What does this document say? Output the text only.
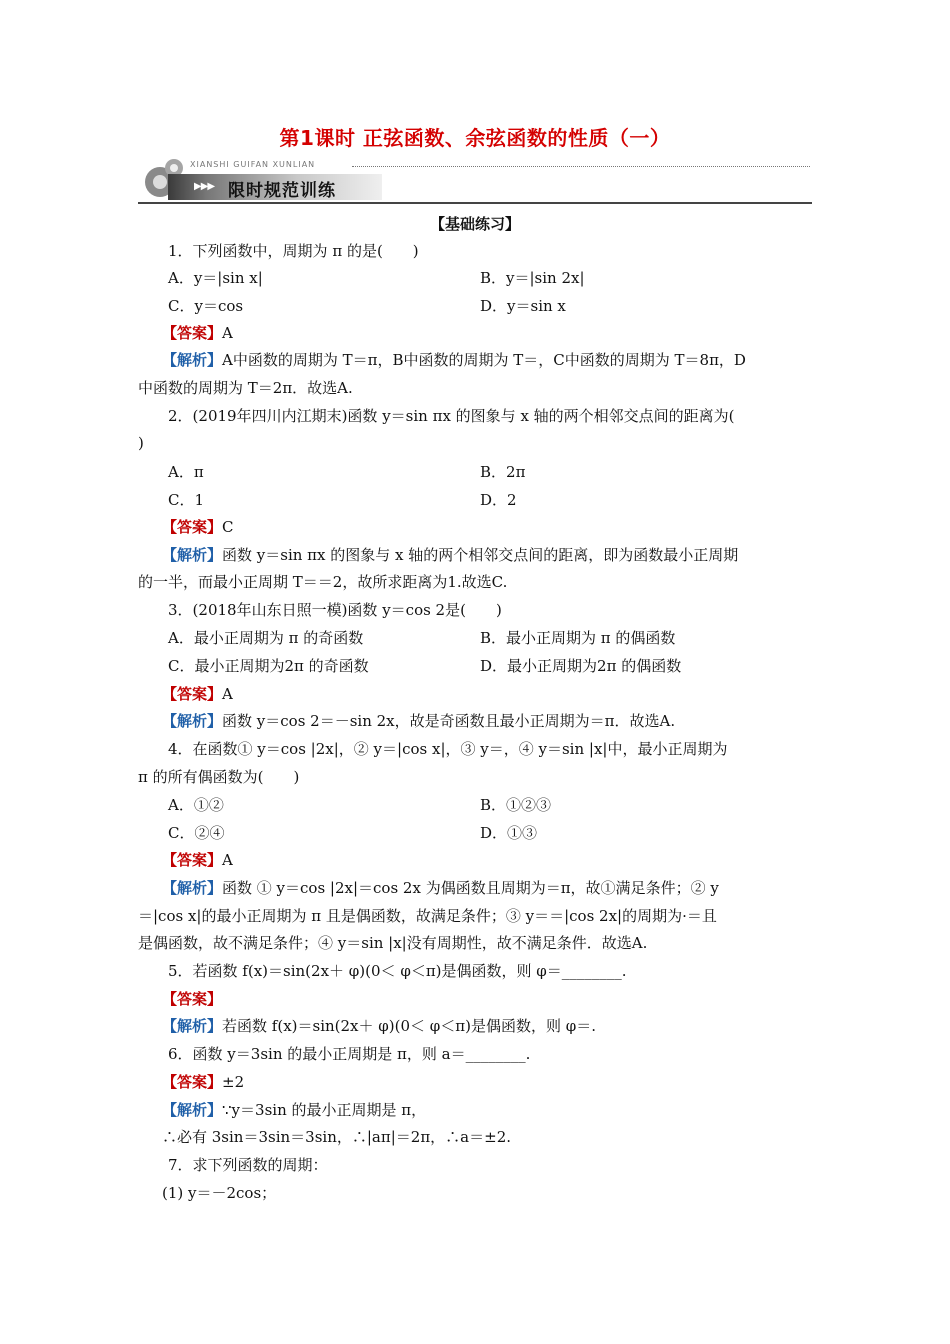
第1课时 正弦函数、余弦函数的性质（一）
XIANSHI GUIFAN XUNLIAN
▶▶▶ 限时规范训练
【基础练习】
1．下列函数中，周期为 π 的是(　　)
A．y＝|sin x|	B．y＝|sin 2x|
C．y＝cos	D．y＝sin x
【答案】A
【解析】A中函数的周期为 T＝π，B中函数的周期为 T＝，C中函数的周期为 T＝8π，D
中函数的周期为 T＝2π．故选A.
2．(2019年四川内江期末)函数 y＝sin πx 的图象与 x 轴的两个相邻交点间的距离为(
)
A．π	B．2π
C．1	D．2
【答案】C
【解析】函数 y＝sin πx 的图象与 x 轴的两个相邻交点间的距离，即为函数最小正周期
的一半，而最小正周期 T＝＝2，故所求距离为1.故选C.
3．(2018年山东日照一模)函数 y＝cos 2是(　　)
A．最小正周期为 π 的奇函数	B．最小正周期为 π 的偶函数
C．最小正周期为2π 的奇函数	D．最小正周期为2π 的偶函数
【答案】A
【解析】函数 y＝cos 2＝－sin 2x，故是奇函数且最小正周期为＝π．故选A.
4．在函数① y＝cos |2x|，② y＝|cos x|，③ y＝，④ y＝sin |x|中，最小正周期为
π 的所有偶函数为(　　)
A．①②	B．①②③
C．②④	D．①③
【答案】A
【解析】函数 ① y＝cos |2x|＝cos 2x 为偶函数且周期为＝π，故①满足条件；② y
＝|cos x|的最小正周期为 π 且是偶函数，故满足条件；③ y＝＝|cos 2x|的周期为·＝且
是偶函数，故不满足条件；④ y＝sin |x|没有周期性，故不满足条件．故选A.
5．若函数 f(x)＝sin(2x＋ φ)(0＜ φ＜π)是偶函数，则 φ＝________.
【答案】
【解析】若函数 f(x)＝sin(2x＋ φ)(0＜ φ＜π)是偶函数，则 φ＝.
6．函数 y＝3sin 的最小正周期是 π，则 a＝________.
【答案】±2
【解析】∵y＝3sin 的最小正周期是 π，
∴必有 3sin＝3sin＝3sin，∴|aπ|＝2π，∴a＝±2.
7．求下列函数的周期：
(1) y＝－2cos；
